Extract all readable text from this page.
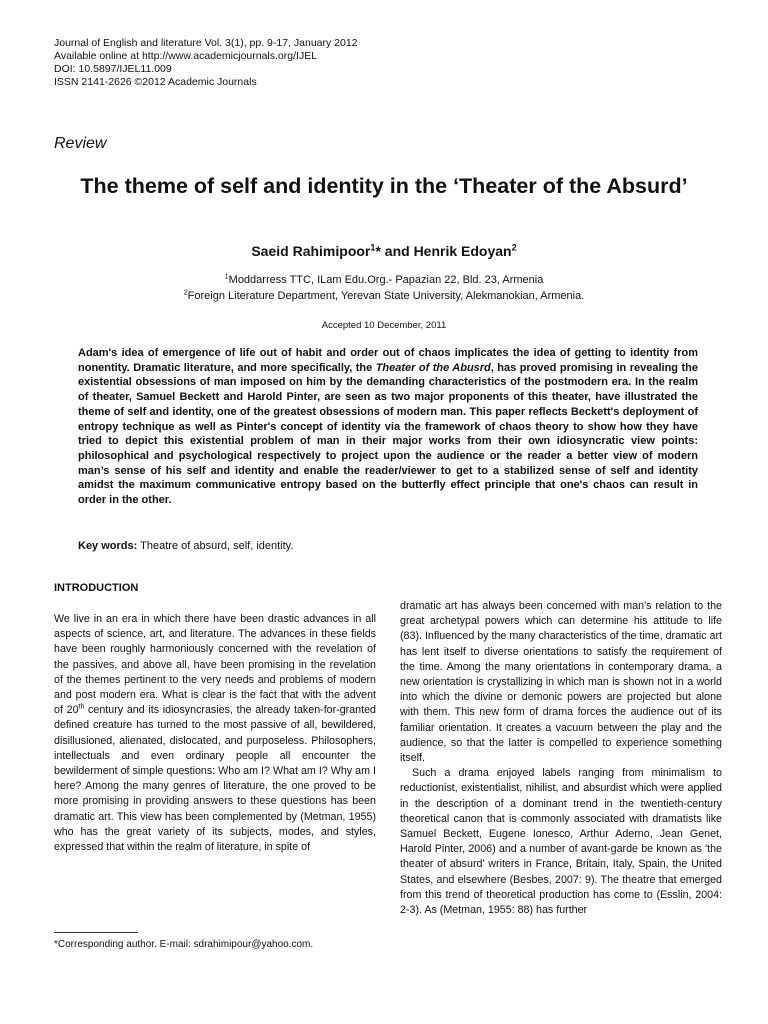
Journal of English and literature Vol. 3(1), pp. 9-17, January 2012
Available online at http://www.academicjournals.org/IJEL
DOI: 10.5897/IJEL11.009
ISSN 2141-2626 ©2012 Academic Journals
Review
The theme of self and identity in the ‘Theater of the Absurd’
Saeid Rahimipoor$^1$* and Henrik Edoyan$^2$
$^1$Moddarress TTC, ILam Edu.Org.- Papazian 22, Bld. 23, Armenia
$^2$Foreign Literature Department, Yerevan State University, Alekmanokian, Armenia.
Accepted 10 December, 2011
Adam's idea of emergence of life out of habit and order out of chaos implicates the idea of getting to identity from nonentity. Dramatic literature, and more specifically, the Theater of the Abusrd, has proved promising in revealing the existential obsessions of man imposed on him by the demanding characteristics of the postmodern era. In the realm of theater, Samuel Beckett and Harold Pinter, are seen as two major proponents of this theater, have illustrated the theme of self and identity, one of the greatest obsessions of modern man. This paper reflects Beckett's deployment of entropy technique as well as Pinter's concept of identity via the framework of chaos theory to show how they have tried to depict this existential problem of man in their major works from their own idiosyncratic view points: philosophical and psychological respectively to project upon the audience or the reader a better view of modern man’s sense of his self and identity and enable the reader/viewer to get to a stabilized sense of self and identity amidst the maximum communicative entropy based on the butterfly effect principle that one's chaos can result in order in the other.
Key words: Theatre of absurd, self, identity.
INTRODUCTION

We live in an era in which there have been drastic advances in all aspects of science, art, and literature. The advances in these fields have been roughly harmoniously concerned with the revelation of the passives, and above all, have been promising in the revelation of the themes pertinent to the very needs and problems of modern and post modern era. What is clear is the fact that with the advent of 20th century and its idiosyncrasies, the already taken-for-granted defined creature has turned to the most passive of all, bewildered, disillusioned, alienated, dislocated, and purposeless. Philosophers, intellectuals and even ordinary people all encounter the bewilderment of simple questions: Who am I? What am I? Why am I here? Among the many genres of literature, the one proved to be more promising in providing answers to these questions has been dramatic art. This view has been complemented by (Metman, 1955) who has the great variety of its subjects, modes, and styles, expressed that within the realm of literature, in spite of

dramatic art has always been concerned with man's relation to the great archetypal powers which can determine his attitude to life (83). Influenced by the many characteristics of the time, dramatic art has lent itself to diverse orientations to satisfy the requirement of the time. Among the many orientations in contemporary drama, a new orientation is crystallizing in which man is shown not in a world into which the divine or demonic powers are projected but alone with them. This new form of drama forces the audience out of its familiar orientation. It creates a vacuum between the play and the audience, so that the latter is compelled to experience something itself.

Such a drama enjoyed labels ranging from minimalism to reductionist, existentialist, nihilist, and absurdist which were applied in the description of a dominant trend in the twentieth-century theoretical canon that is commonly associated with dramatists like Samuel Beckett, Eugene Ionesco, Arthur Aderno, Jean Genet, Harold Pinter, 2006) and a number of avant-garde be known as 'the theater of absurd' writers in France, Britain, Italy, Spain, the United States, and elsewhere (Besbes, 2007: 9). The theatre that emerged from this trend of theoretical production has come to (Esslin, 2004: 2-3). As (Metman, 1955: 88) has further

*Corresponding author. E-mail: sdrahimipour@yahoo.com.
